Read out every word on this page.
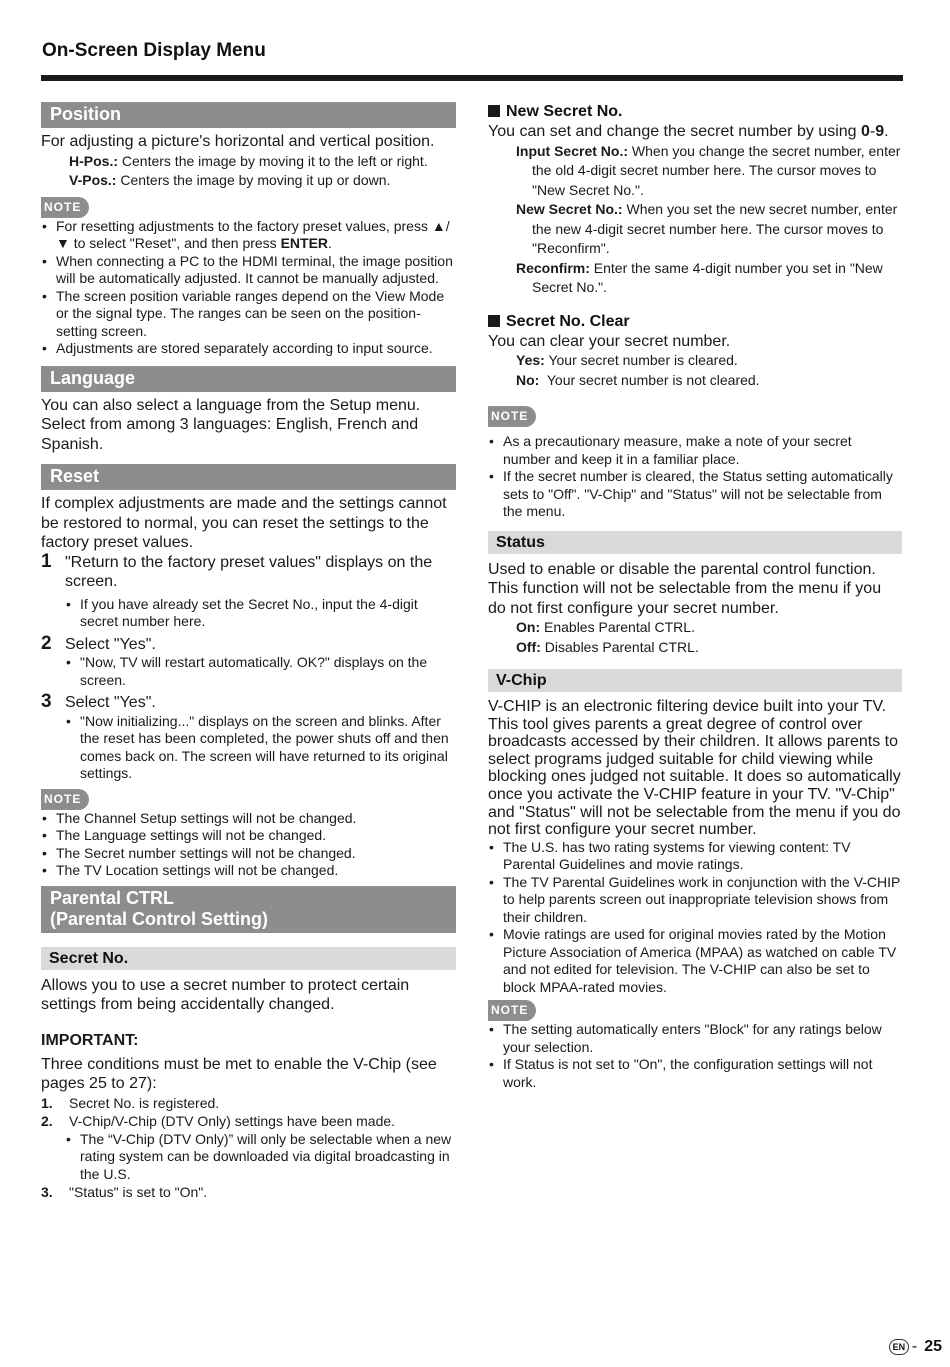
On-Screen Display Menu
Position
For adjusting a picture's horizontal and vertical position.
H-Pos.: Centers the image by moving it to the left or right.
V-Pos.: Centers the image by moving it up or down.
NOTE
• For resetting adjustments to the factory preset values, press ▲/▼ to select "Reset", and then press ENTER.
• When connecting a PC to the HDMI terminal, the image position will be automatically adjusted. It cannot be manually adjusted.
• The screen position variable ranges depend on the View Mode or the signal type. The ranges can be seen on the position-setting screen.
• Adjustments are stored separately according to input source.
Language
You can also select a language from the Setup menu. Select from among 3 languages: English, French and Spanish.
Reset
If complex adjustments are made and the settings cannot be restored to normal, you can reset the settings to the factory preset values.
1 "Return to the factory preset values" displays on the screen.
• If you have already set the Secret No., input the 4-digit secret number here.
2 Select "Yes".
• "Now, TV will restart automatically. OK?" displays on the screen.
3 Select "Yes".
• "Now initializing..." displays on the screen and blinks. After the reset has been completed, the power shuts off and then comes back on. The screen will have returned to its original settings.
NOTE
• The Channel Setup settings will not be changed.
• The Language settings will not be changed.
• The Secret number settings will not be changed.
• The TV Location settings will not be changed.
Parental CTRL
(Parental Control Setting)
Secret No.
Allows you to use a secret number to protect certain settings from being accidentally changed.
IMPORTANT:
Three conditions must be met to enable the V-Chip (see pages 25 to 27):
1. Secret No. is registered.
2. V-Chip/V-Chip (DTV Only) settings have been made.
• The “V-Chip (DTV Only)” will only be selectable when a new rating system can be downloaded via digital broadcasting in the U.S.
3. "Status" is set to "On".
New Secret No.
You can set and change the secret number by using 0-9.
Input Secret No.: When you change the secret number, enter the old 4-digit secret number here. The cursor moves to "New Secret No.".
New Secret No.: When you set the new secret number, enter the new 4-digit secret number here. The cursor moves to "Reconfirm".
Reconfirm: Enter the same 4-digit number you set in "New Secret No.".
Secret No. Clear
You can clear your secret number.
Yes: Your secret number is cleared.
No: Your secret number is not cleared.
NOTE
• As a precautionary measure, make a note of your secret number and keep it in a familiar place.
• If the secret number is cleared, the Status setting automatically sets to "Off". "V-Chip" and "Status" will not be selectable from the menu.
Status
Used to enable or disable the parental control function. This function will not be selectable from the menu if you do not first configure your secret number.
On: Enables Parental CTRL.
Off: Disables Parental CTRL.
V-Chip
V-CHIP is an electronic filtering device built into your TV. This tool gives parents a great degree of control over broadcasts accessed by their children. It allows parents to select programs judged suitable for child viewing while blocking ones judged not suitable. It does so automatically once you activate the V-CHIP feature in your TV. "V-Chip" and "Status" will not be selectable from the menu if you do not first configure your secret number.
• The U.S. has two rating systems for viewing content: TV Parental Guidelines and movie ratings.
• The TV Parental Guidelines work in conjunction with the V-CHIP to help parents screen out inappropriate television shows from their children.
• Movie ratings are used for original movies rated by the Motion Picture Association of America (MPAA) as watched on cable TV and not edited for television. The V-CHIP can also be set to block MPAA-rated movies.
NOTE
• The setting automatically enters "Block" for any ratings below your selection.
• If Status is not set to "On", the configuration settings will not work.
EN - 25
